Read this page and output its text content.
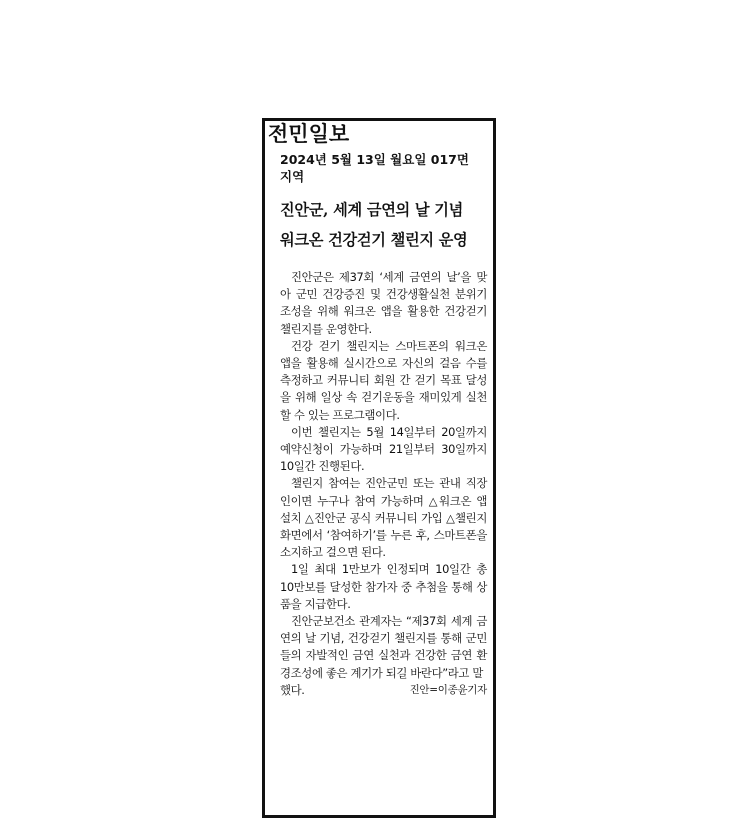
전민일보
2024년 5월 13일 월요일 017면
지역
진안군, 세계 금연의 날 기념
워크온 건강걷기 챌린지 운영

진안군은 제37회 ‘세계 금연의 날’을 맞아 군민 건강증진 및 건강생활실천 분위기 조성을 위해 워크온 앱을 활용한 건강걷기 챌린지를 운영한다.

건강 걷기 챌린지는 스마트폰의 워크온 앱을 활용해 실시간으로 자신의 걸음 수를 측정하고 커뮤니티 회원 간 걷기 목표 달성을 위해 일상 속 걷기운동을 재미있게 실천할 수 있는 프로그램이다.

이번 챌린지는 5월 14일부터 20일까지 예약신청이 가능하며 21일부터 30일까지 10일간 진행된다.

챌린지 참여는 진안군민 또는 관내 직장인이면 누구나 참여 가능하며 △워크온 앱 설치 △진안군 공식 커뮤니티 가입 △챌린지 화면에서 ‘참여하기’를 누른 후, 스마트폰을 소지하고 걸으면 된다.

1일 최대 1만보가 인정되며 10일간 총 10만보를 달성한 참가자 중 추첨을 통해 상품을 지급한다.

진안군보건소 관계자는 “제37회 세계 금연의 날 기념, 건강걷기 챌린지를 통해 군민들의 자발적인 금연 실천과 건강한 금연 환경조성에 좋은 계기가 되길 바란다”라고 말

했다.	진안=이종윤기자
